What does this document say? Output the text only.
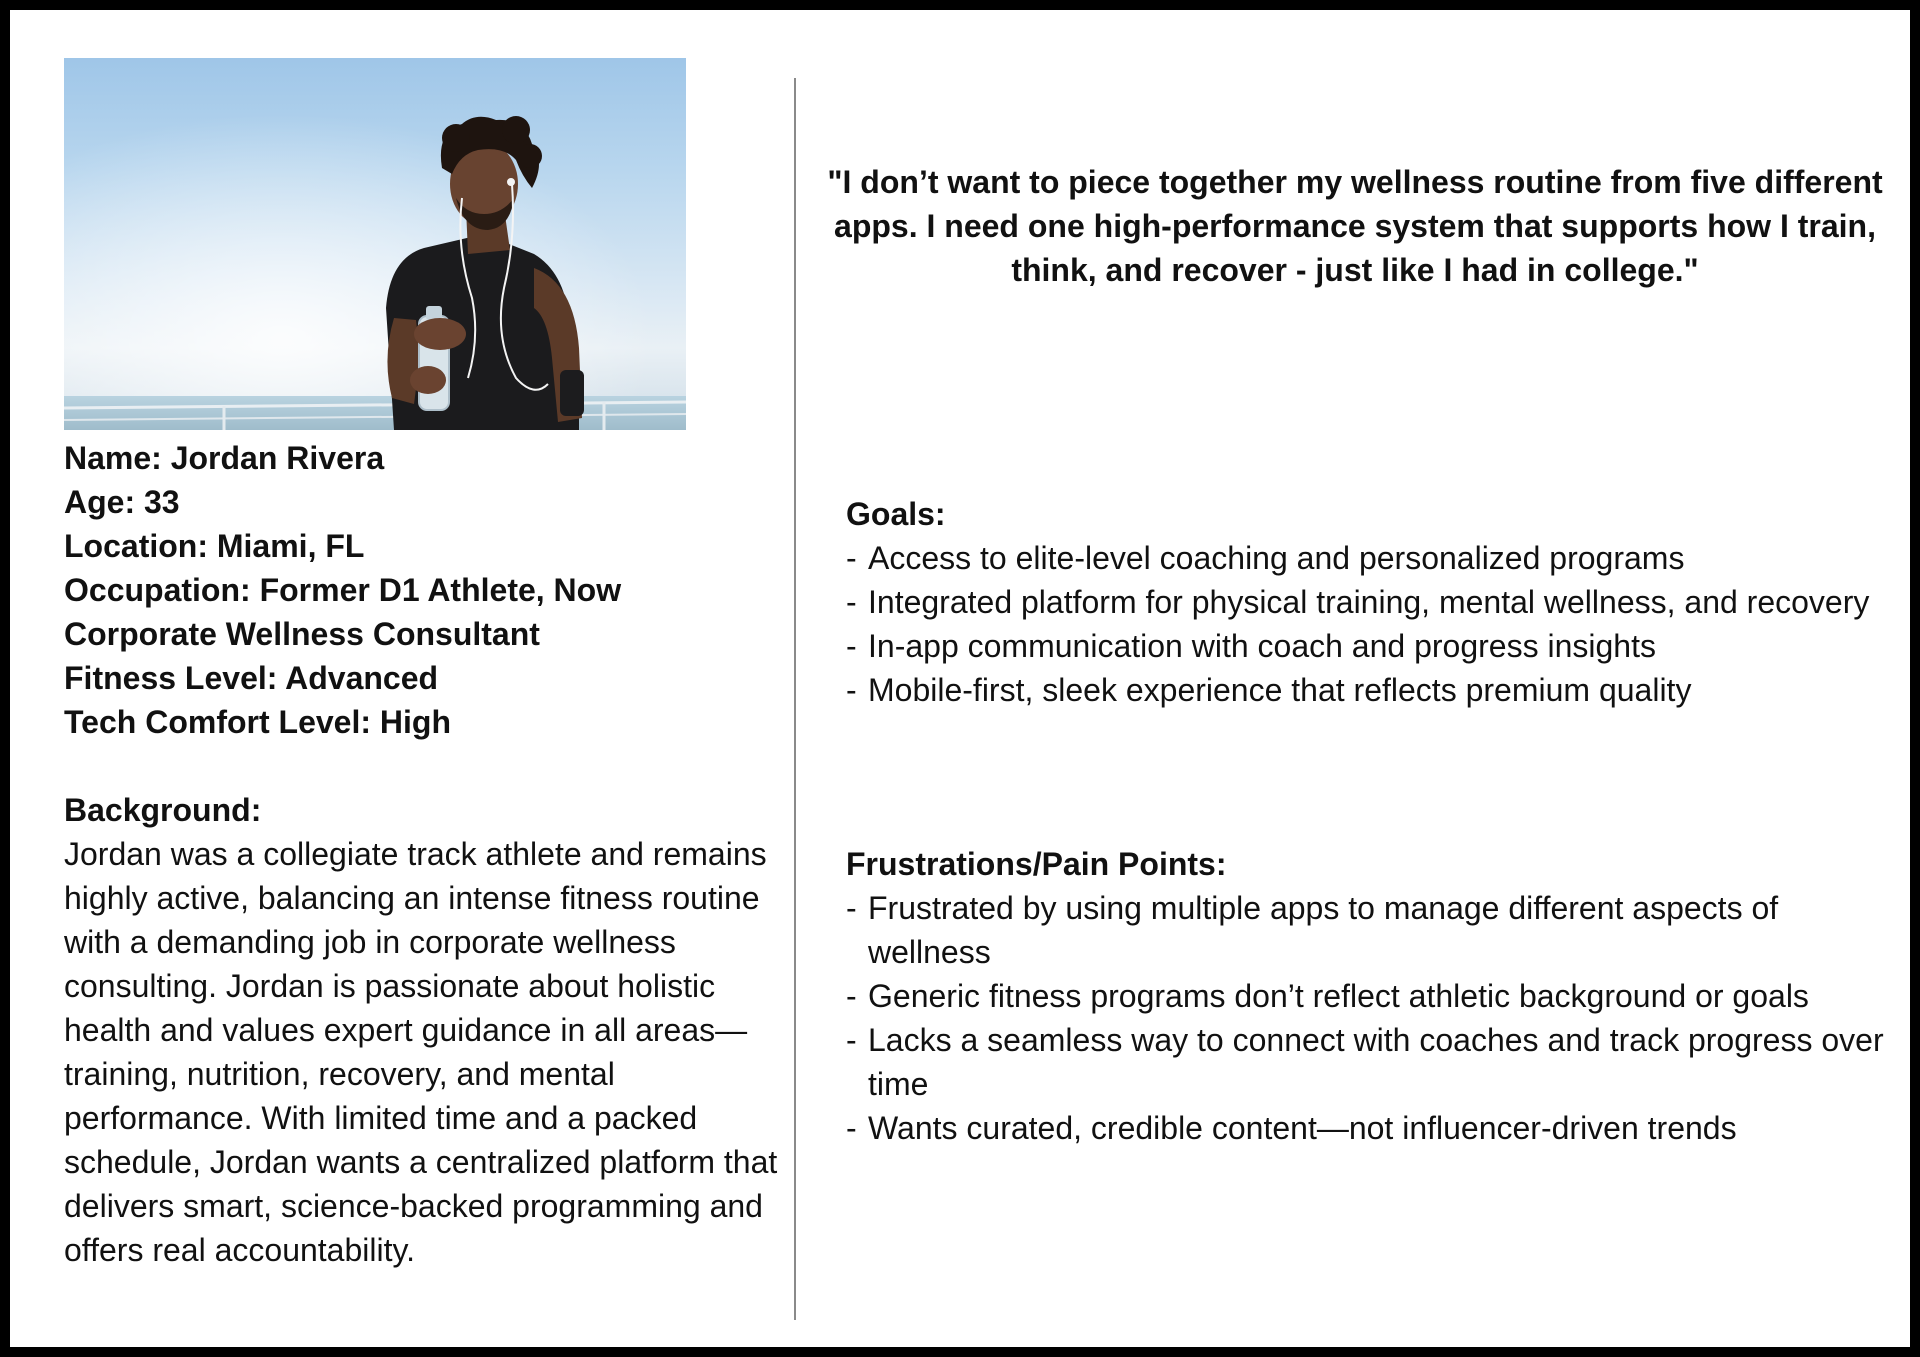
Name: Jordan Rivera
Age: 33
Location: Miami, FL
Occupation: Former D1 Athlete, Now
Corporate Wellness Consultant
Fitness Level: Advanced
Tech Comfort Level: High
Background:
Jordan was a collegiate track athlete and remains highly active, balancing an intense fitness routine with a demanding job in corporate wellness consulting. Jordan is passionate about holistic health and values expert guidance in all areas—training, nutrition, recovery, and mental performance. With limited time and a packed schedule, Jordan wants a centralized platform that delivers smart, science-backed programming and offers real accountability.
"I don’t want to piece together my wellness routine from five different apps. I need one high-performance system that supports how I train, think, and recover - just like I had in college."
Goals:
- Access to elite-level coaching and personalized programs
- Integrated platform for physical training, mental wellness, and recovery
- In-app communication with coach and progress insights
- Mobile-first, sleek experience that reflects premium quality
Frustrations/Pain Points:
- Frustrated by using multiple apps to manage different aspects of wellness
- Generic fitness programs don’t reflect athletic background or goals
- Lacks a seamless way to connect with coaches and track progress over time
- Wants curated, credible content—not influencer-driven trends
